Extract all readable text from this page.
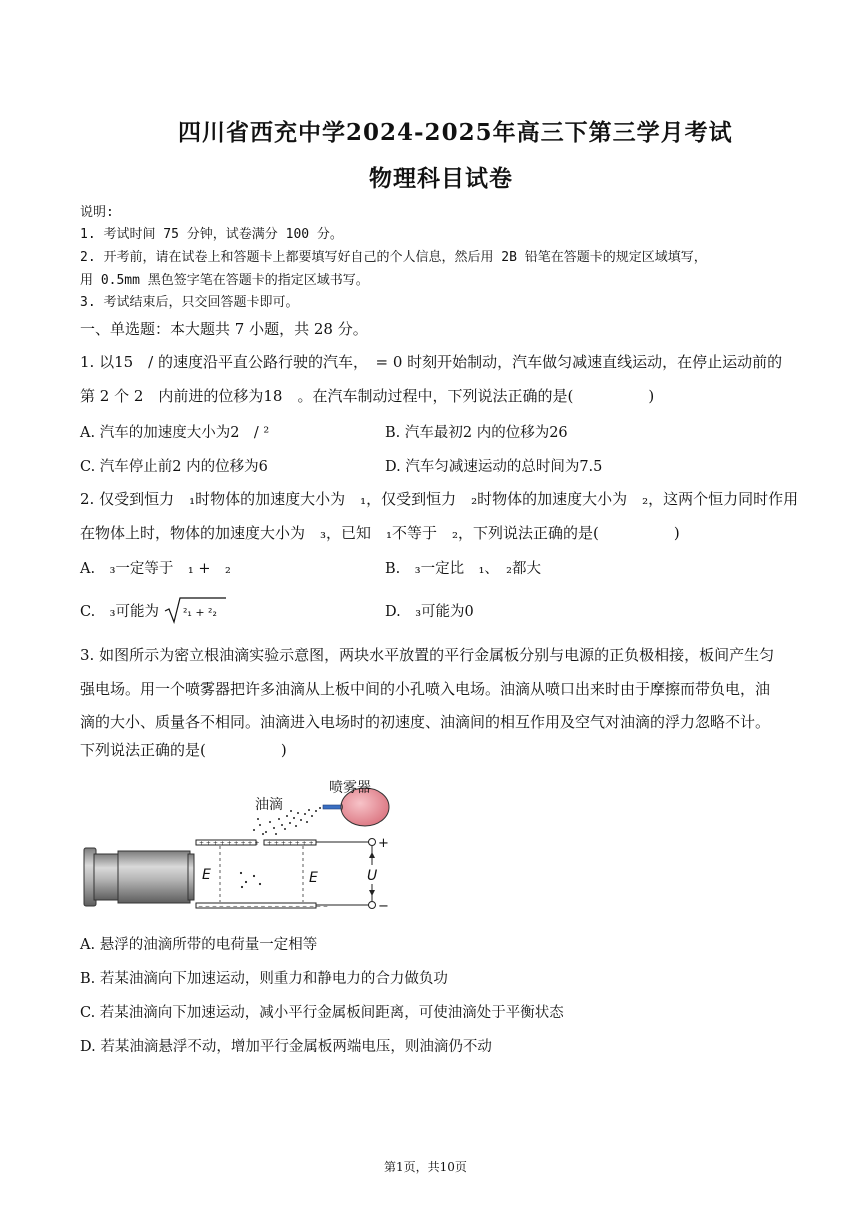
四川省西充中学2024-2025年高三下第三学月考试
物理科目试卷
说明:
1. 考试时间 75 分钟，试卷满分 100 分。
2. 开考前，请在试卷上和答题卡上都要填写好自己的个人信息，然后用 2B 铅笔在答题卡的规定区域填写，
用 0.5mm 黑色签字笔在答题卡的指定区域书写。
3. 考试结束后，只交回答题卡即可。
一、单选题：本大题共 7 小题，共 28 分。
1. 以15　/ 的速度沿平直公路行驶的汽车，　= 0 时刻开始制动，汽车做匀减速直线运动，在停止运动前的
第 2 个 2　内前进的位移为18　。在汽车制动过程中，下列说法正确的是(　　　　　)
A. 汽车的加速度大小为2　/ ²	B. 汽车最初2 内的位移为26
C. 汽车停止前2 内的位移为6	D. 汽车匀减速运动的总时间为7.5
2. 仅受到恒力　₁时物体的加速度大小为　₁，仅受到恒力　₂时物体的加速度大小为　₂，这两个恒力同时作用
在物体上时，物体的加速度大小为　₃，已知　₁不等于　₂，下列说法正确的是(　　　　　)
A.　₃一定等于　₁ +　₂	B.　₃一定比　₁、　₂都大
C.　₃可能为 ²₁ + ²₂	D.　₃可能为0
3. 如图所示为密立根油滴实验示意图，两块水平放置的平行金属板分别与电源的正负极相接，板间产生匀
强电场。用一个喷雾器把许多油滴从上板中间的小孔喷入电场。油滴从喷口出来时由于摩擦而带负电，油
滴的大小、质量各不相同。油滴进入电场时的初速度、油滴间的相互作用及空气对油滴的浮力忽略不计。
下列说法正确的是(　　　　　)
+ + + + + + + + + + + + + + + +
− − − − − − − − − − − − − − − − − − −
E	E
油滴
喷雾器
+
−
U
A. 悬浮的油滴所带的电荷量一定相等
B. 若某油滴向下加速运动，则重力和静电力的合力做负功
C. 若某油滴向下加速运动，减小平行金属板间距离，可使油滴处于平衡状态
D. 若某油滴悬浮不动，增加平行金属板两端电压，则油滴仍不动
第1页，共10页
